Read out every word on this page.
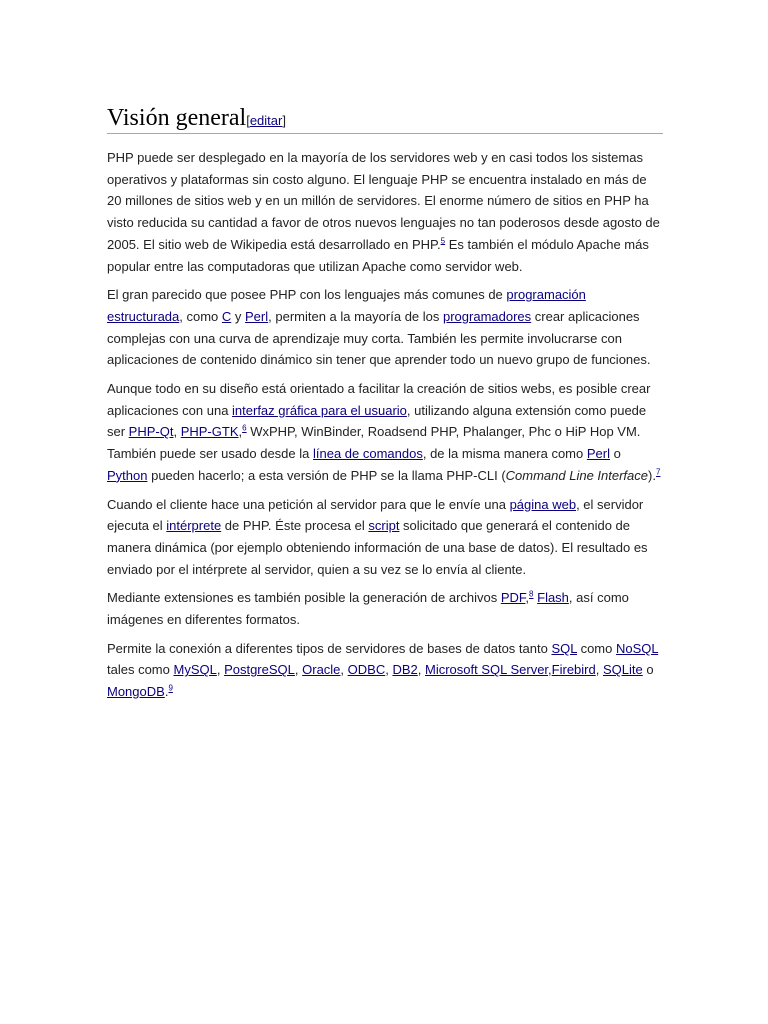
Visión general [editar]

PHP puede ser desplegado en la mayoría de los servidores web y en casi todos los sistemas operativos y plataformas sin costo alguno. El lenguaje PHP se encuentra instalado en más de 20 millones de sitios web y en un millón de servidores. El enorme número de sitios en PHP ha visto reducida su cantidad a favor de otros nuevos lenguajes no tan poderosos desde agosto de 2005. El sitio web de Wikipedia está desarrollado en PHP.$^5$ Es también el módulo Apache más popular entre las computadoras que utilizan Apache como servidor web.

El gran parecido que posee PHP con los lenguajes más comunes de programación estructurada, como C y Perl, permiten a la mayoría de los programadores crear aplicaciones complejas con una curva de aprendizaje muy corta. También les permite involucrarse con aplicaciones de contenido dinámico sin tener que aprender todo un nuevo grupo de funciones.

Aunque todo en su diseño está orientado a facilitar la creación de sitios webs, es posible crear aplicaciones con una interfaz gráfica para el usuario, utilizando alguna extensión como puede ser PHP-Qt, PHP-GTK,$^6$ WxPHP, WinBinder, Roadsend PHP, Phalanger, Phc o HiP Hop VM. También puede ser usado desde la línea de comandos, de la misma manera como Perl o Python pueden hacerlo; a esta versión de PHP se la llama PHP-CLI (Command Line Interface).$^7$

Cuando el cliente hace una petición al servidor para que le envíe una página web, el servidor ejecuta el intérprete de PHP. Éste procesa el script solicitado que generará el contenido de manera dinámica (por ejemplo obteniendo información de una base de datos). El resultado es enviado por el intérprete al servidor, quien a su vez se lo envía al cliente.

Mediante extensiones es también posible la generación de archivos PDF,$^8$ Flash, así como imágenes en diferentes formatos.

Permite la conexión a diferentes tipos de servidores de bases de datos tanto SQL como NoSQL tales como MySQL, PostgreSQL, Oracle, ODBC, DB2, Microsoft SQL Server,Firebird, SQLite o MongoDB.$^9$
